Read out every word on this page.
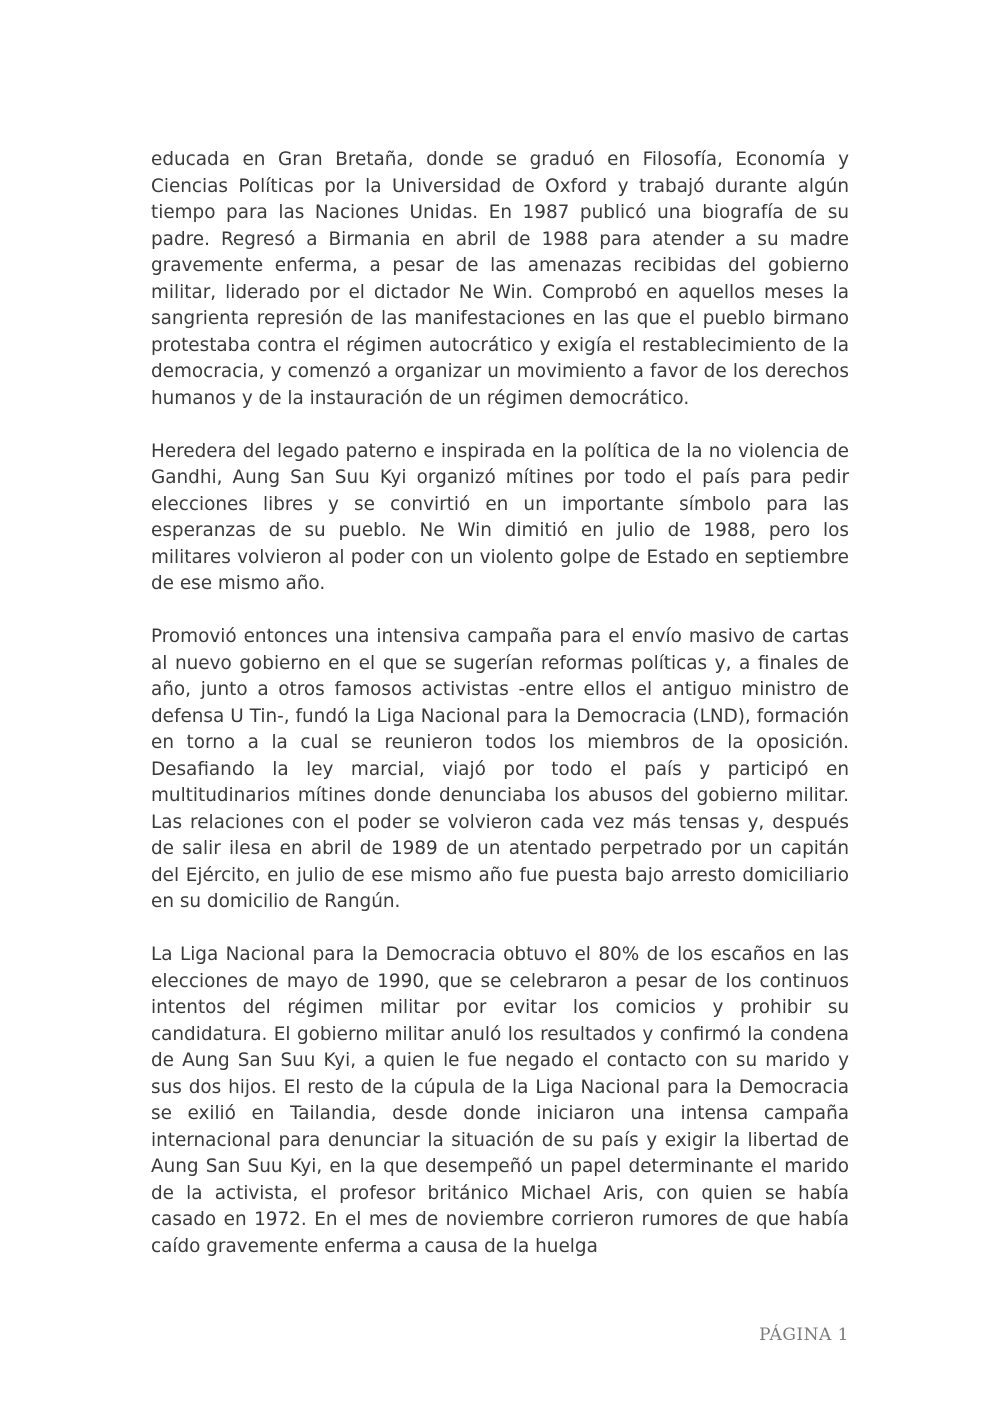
educada en Gran Bretaña, donde se graduó en Filosofía, Economía y Ciencias Políticas por la Universidad de Oxford y trabajó durante algún tiempo para las Naciones Unidas. En 1987 publicó una biografía de su padre. Regresó a Birmania en abril de 1988 para atender a su madre gravemente enferma, a pesar de las amenazas recibidas del gobierno militar, liderado por el dictador Ne Win. Comprobó en aquellos meses la sangrienta represión de las manifestaciones en las que el pueblo birmano protestaba contra el régimen autocrático y exigía el restablecimiento de la democracia, y comenzó a organizar un movimiento a favor de los derechos humanos y de la instauración de un régimen democrático.

Heredera del legado paterno e inspirada en la política de la no violencia de Gandhi, Aung San Suu Kyi organizó mítines por todo el país para pedir elecciones libres y se convirtió en un importante símbolo para las esperanzas de su pueblo. Ne Win dimitió en julio de 1988, pero los militares volvieron al poder con un violento golpe de Estado en septiembre de ese mismo año.

Promovió entonces una intensiva campaña para el envío masivo de cartas al nuevo gobierno en el que se sugerían reformas políticas y, a finales de año, junto a otros famosos activistas -entre ellos el antiguo ministro de defensa U Tin-, fundó la Liga Nacional para la Democracia (LND), formación en torno a la cual se reunieron todos los miembros de la oposición. Desafiando la ley marcial, viajó por todo el país y participó en multitudinarios mítines donde denunciaba los abusos del gobierno militar. Las relaciones con el poder se volvieron cada vez más tensas y, después de salir ilesa en abril de 1989 de un atentado perpetrado por un capitán del Ejército, en julio de ese mismo año fue puesta bajo arresto domiciliario en su domicilio de Rangún.

La Liga Nacional para la Democracia obtuvo el 80% de los escaños en las elecciones de mayo de 1990, que se celebraron a pesar de los continuos intentos del régimen militar por evitar los comicios y prohibir su candidatura. El gobierno militar anuló los resultados y confirmó la condena de Aung San Suu Kyi, a quien le fue negado el contacto con su marido y sus dos hijos. El resto de la cúpula de la Liga Nacional para la Democracia se exilió en Tailandia, desde donde iniciaron una intensa campaña internacional para denunciar la situación de su país y exigir la libertad de Aung San Suu Kyi, en la que desempeñó un papel determinante el marido de la activista, el profesor británico Michael Aris, con quien se había casado en 1972. En el mes de noviembre corrieron rumores de que había caído gravemente enferma a causa de la huelga

PÁGINA 1
